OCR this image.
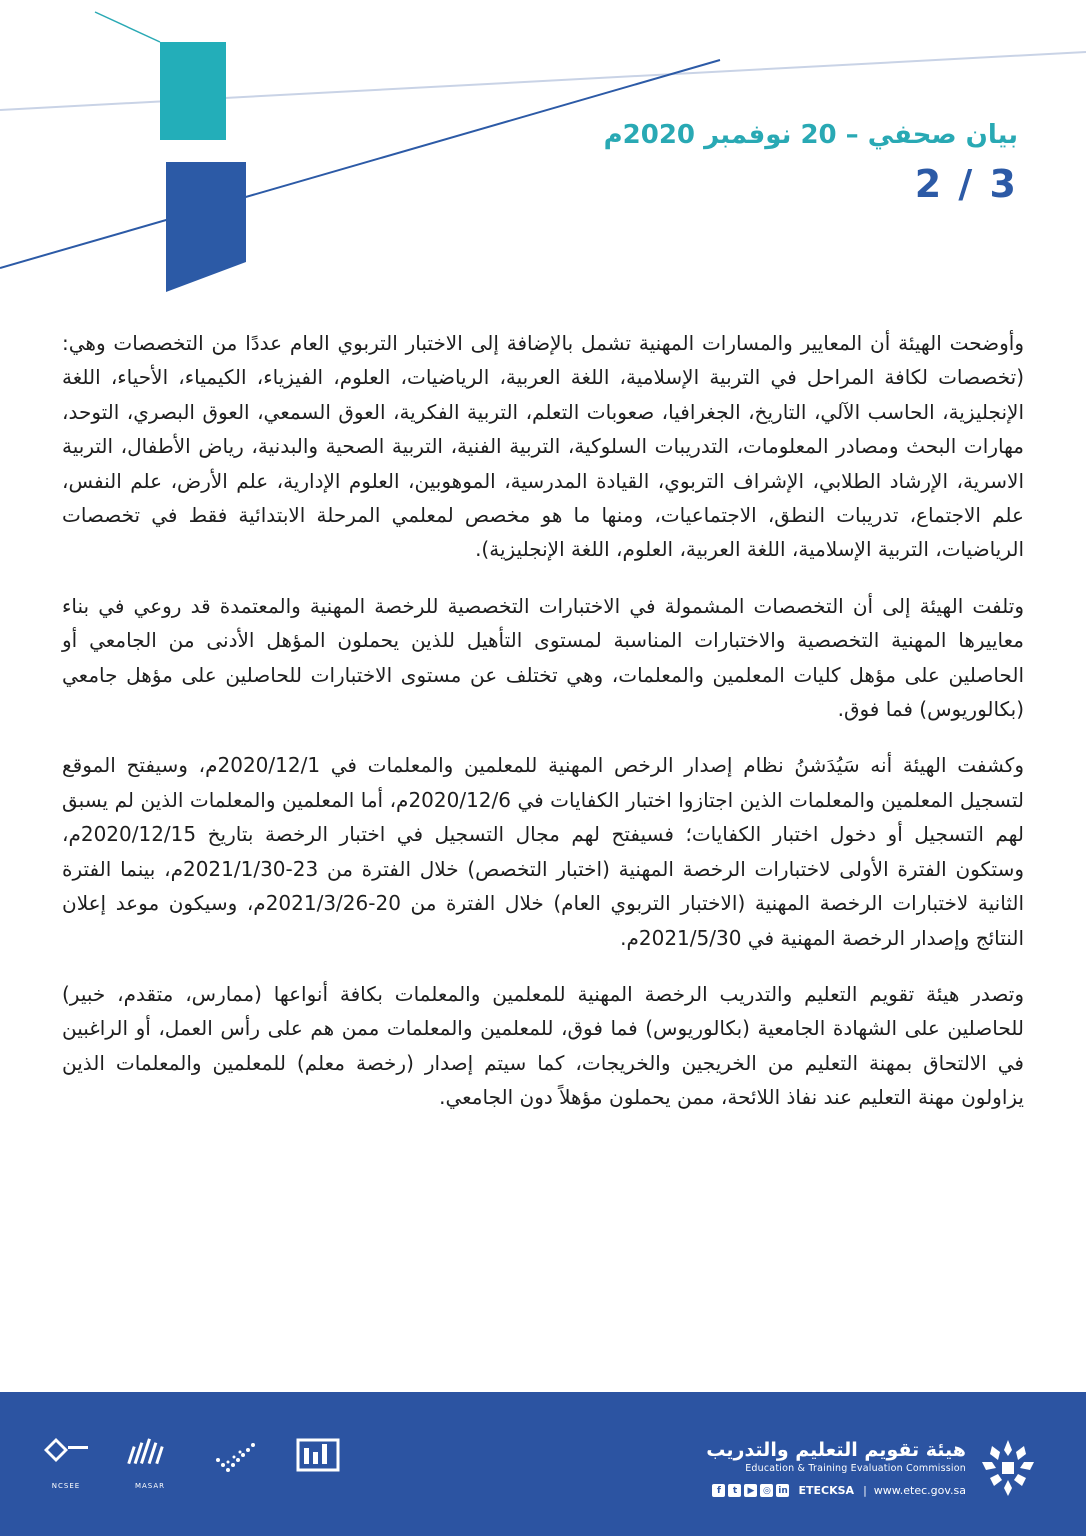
بيان صحفي – 20 نوفمبر 2020م
3 / 2

وأوضحت الهيئة أن المعايير والمسارات المهنية تشمل بالإضافة إلى الاختبار التربوي العام عددًا من التخصصات وهي: (تخصصات لكافة المراحل في التربية الإسلامية، اللغة العربية، الرياضيات، العلوم، الفيزياء، الكيمياء، الأحياء، اللغة الإنجليزية، الحاسب الآلي، التاريخ، الجغرافيا، صعوبات التعلم، التربية الفكرية، العوق السمعي، العوق البصري، التوحد، مهارات البحث ومصادر المعلومات، التدريبات السلوكية، التربية الفنية، التربية الصحية والبدنية، رياض الأطفال، التربية الاسرية، الإرشاد الطلابي، الإشراف التربوي، القيادة المدرسية، الموهوبين، العلوم الإدارية، علم الأرض، علم النفس، علم الاجتماع، تدريبات النطق، الاجتماعيات، ومنها ما هو مخصص لمعلمي المرحلة الابتدائية فقط في تخصصات الرياضيات، التربية الإسلامية، اللغة العربية، العلوم، اللغة الإنجليزية).

وتلفت الهيئة إلى أن التخصصات المشمولة في الاختبارات التخصصية للرخصة المهنية والمعتمدة قد روعي في بناء معاييرها المهنية التخصصية والاختبارات المناسبة لمستوى التأهيل للذين يحملون المؤهل الأدنى من الجامعي أو الحاصلين على مؤهل كليات المعلمين والمعلمات، وهي تختلف عن مستوى الاختبارات للحاصلين على مؤهل جامعي (بكالوريوس) فما فوق.

وكشفت الهيئة أنه سَيُدَشنُ نظام إصدار الرخص المهنية للمعلمين والمعلمات في 2020/12/1م، وسيفتح الموقع لتسجيل المعلمين والمعلمات الذين اجتازوا اختبار الكفايات في 2020/12/6م، أما المعلمين والمعلمات الذين لم يسبق لهم التسجيل أو دخول اختبار الكفايات؛ فسيفتح لهم مجال التسجيل في اختبار الرخصة بتاريخ 2020/12/15م، وستكون الفترة الأولى لاختبارات الرخصة المهنية (اختبار التخصص) خلال الفترة من 23-2021/1/30م، بينما الفترة الثانية لاختبارات الرخصة المهنية (الاختبار التربوي العام) خلال الفترة من 20-2021/3/26م، وسيكون موعد إعلان النتائج وإصدار الرخصة المهنية في 2021/5/30م.

وتصدر هيئة تقويم التعليم والتدريب الرخصة المهنية للمعلمين والمعلمات بكافة أنواعها (ممارس، متقدم، خبير) للحاصلين على الشهادة الجامعية (بكالوريوس) فما فوق، للمعلمين والمعلمات ممن هم على رأس العمل، أو الراغبين في الالتحاق بمهنة التعليم من الخريجين والخريجات، كما سيتم إصدار (رخصة معلم) للمعلمين والمعلمات الذين يزاولون مهنة التعليم عند نفاذ اللائحة، ممن يحملون مؤهلاً دون الجامعي.

NCSEE	MASAR
هيئة تقويم التعليم والتدريب
Education & Training Evaluation Commission
f	t	▶ ◎ in ETECKSA | www.etec.gov.sa
